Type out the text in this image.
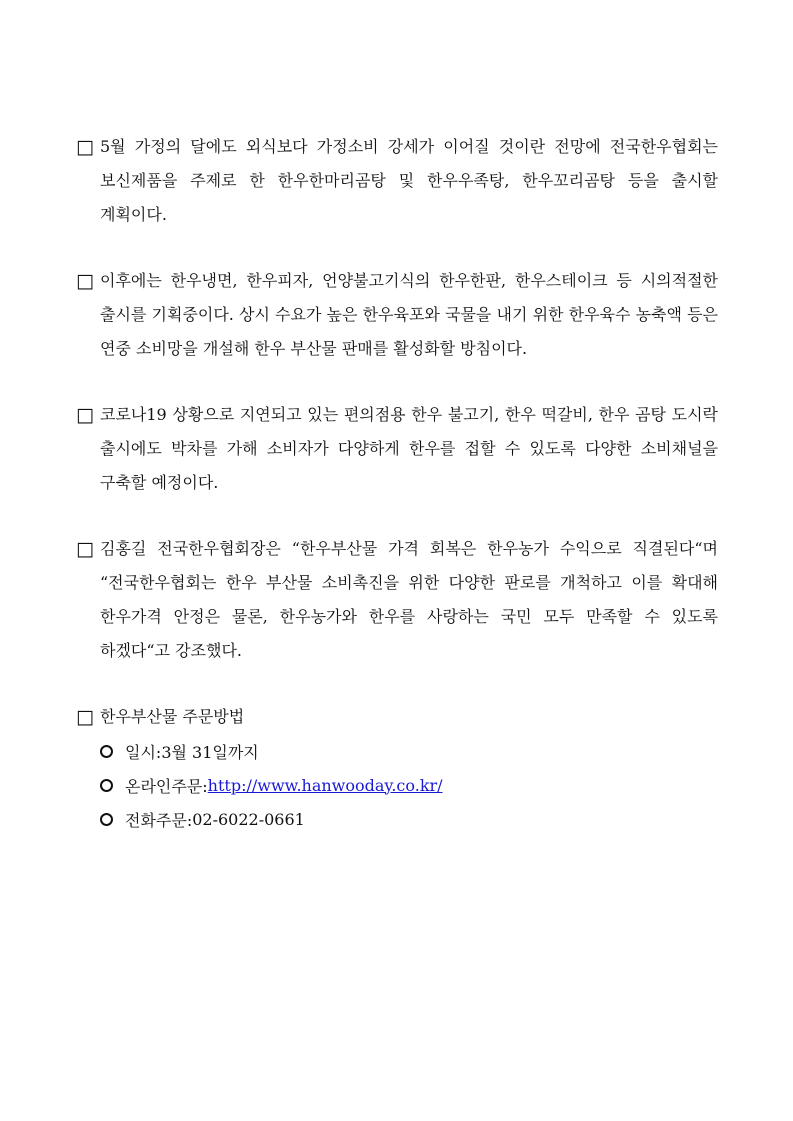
□ 5월 가정의 달에도 외식보다 가정소비 강세가 이어질 것이란 전망에 전국한우협회는 보신제품을 주제로 한 한우한마리곰탕 및 한우우족탕, 한우꼬리곰탕 등을 출시할 계획이다.
□ 이후에는 한우냉면, 한우피자, 언양불고기식의 한우한판, 한우스테이크 등 시의적절한 출시를 기획중이다. 상시 수요가 높은 한우육포와 국물을 내기 위한 한우육수 농축액 등은 연중 소비망을 개설해 한우 부산물 판매를 활성화할 방침이다.
□ 코로나19 상황으로 지연되고 있는 편의점용 한우 불고기, 한우 떡갈비, 한우 곰탕 도시락 출시에도 박차를 가해 소비자가 다양하게 한우를 접할 수 있도록 다양한 소비채널을 구축할 예정이다.
□ 김홍길 전국한우협회장은 “한우부산물 가격 회복은 한우농가 수익으로 직결된다“며 “전국한우협회는 한우 부산물 소비촉진을 위한 다양한 판로를 개척하고 이를 확대해 한우가격 안정은 물론, 한우농가와 한우를 사랑하는 국민 모두 만족할 수 있도록 하겠다“고 강조했다.
□ 한우부산물 주문방법
일시: 3월 31일까지
온라인주문: http://www.hanwooday.co.kr/
전화주문: 02-6022-0661
